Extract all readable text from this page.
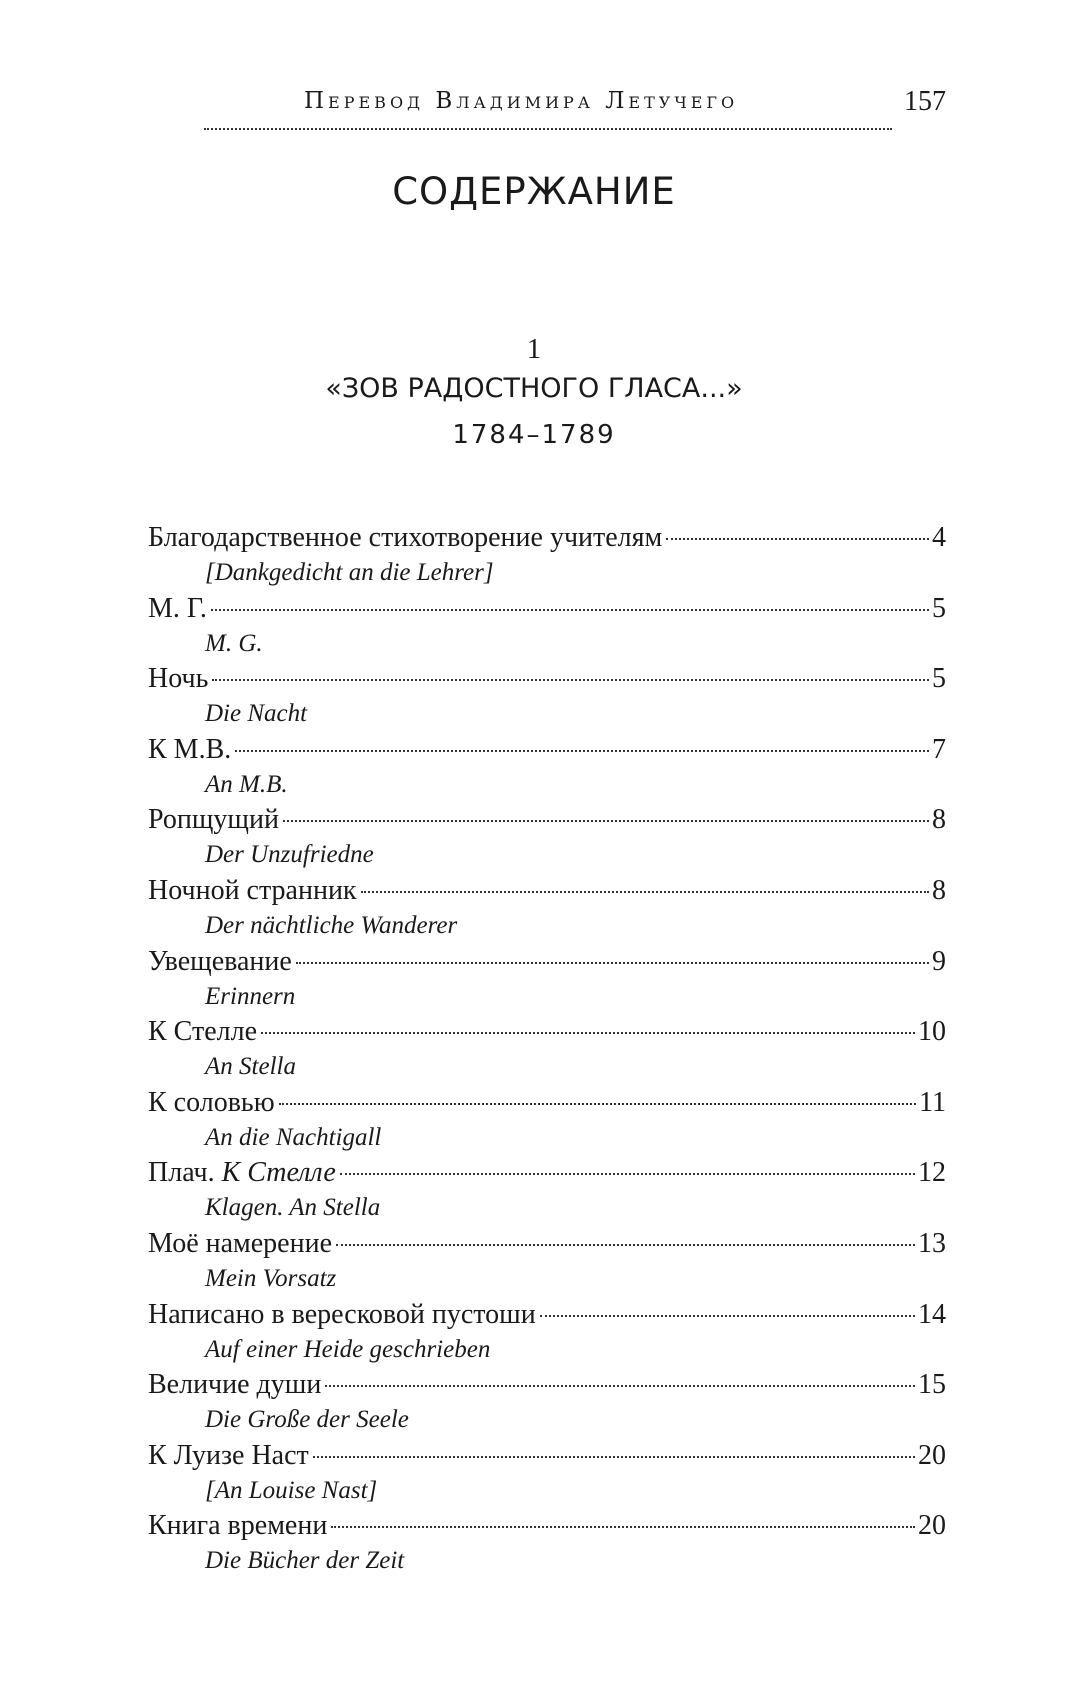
Перевод Владимира Летучего	157
СОДЕРЖАНИЕ
1
«ЗОВ РАДОСТНОГО ГЛАСА...»
1784–1789
Благодарственное стихотворение учителям	4
[Dankgedicht an die Lehrer]
М. Г.	5
M. G.
Ночь	5
Die Nacht
К М.В.	7
An M.B.
Ропщущий	8
Der Unzufriedne
Ночной странник	8
Der nächtliche Wanderer
Увещевание	9
Erinnern
К Стелле	10
An Stella
К соловью	11
An die Nachtigall
Плач. К Стелле	12
Klagen. An Stella
Моё намерение	13
Mein Vorsatz
Написано в вересковой пустоши	14
Auf einer Heide geschrieben
Величие души	15
Die Große der Seele
К Луизе Наст	20
[An Louise Nast]
Книга времени	20
Die Bücher der Zeit
